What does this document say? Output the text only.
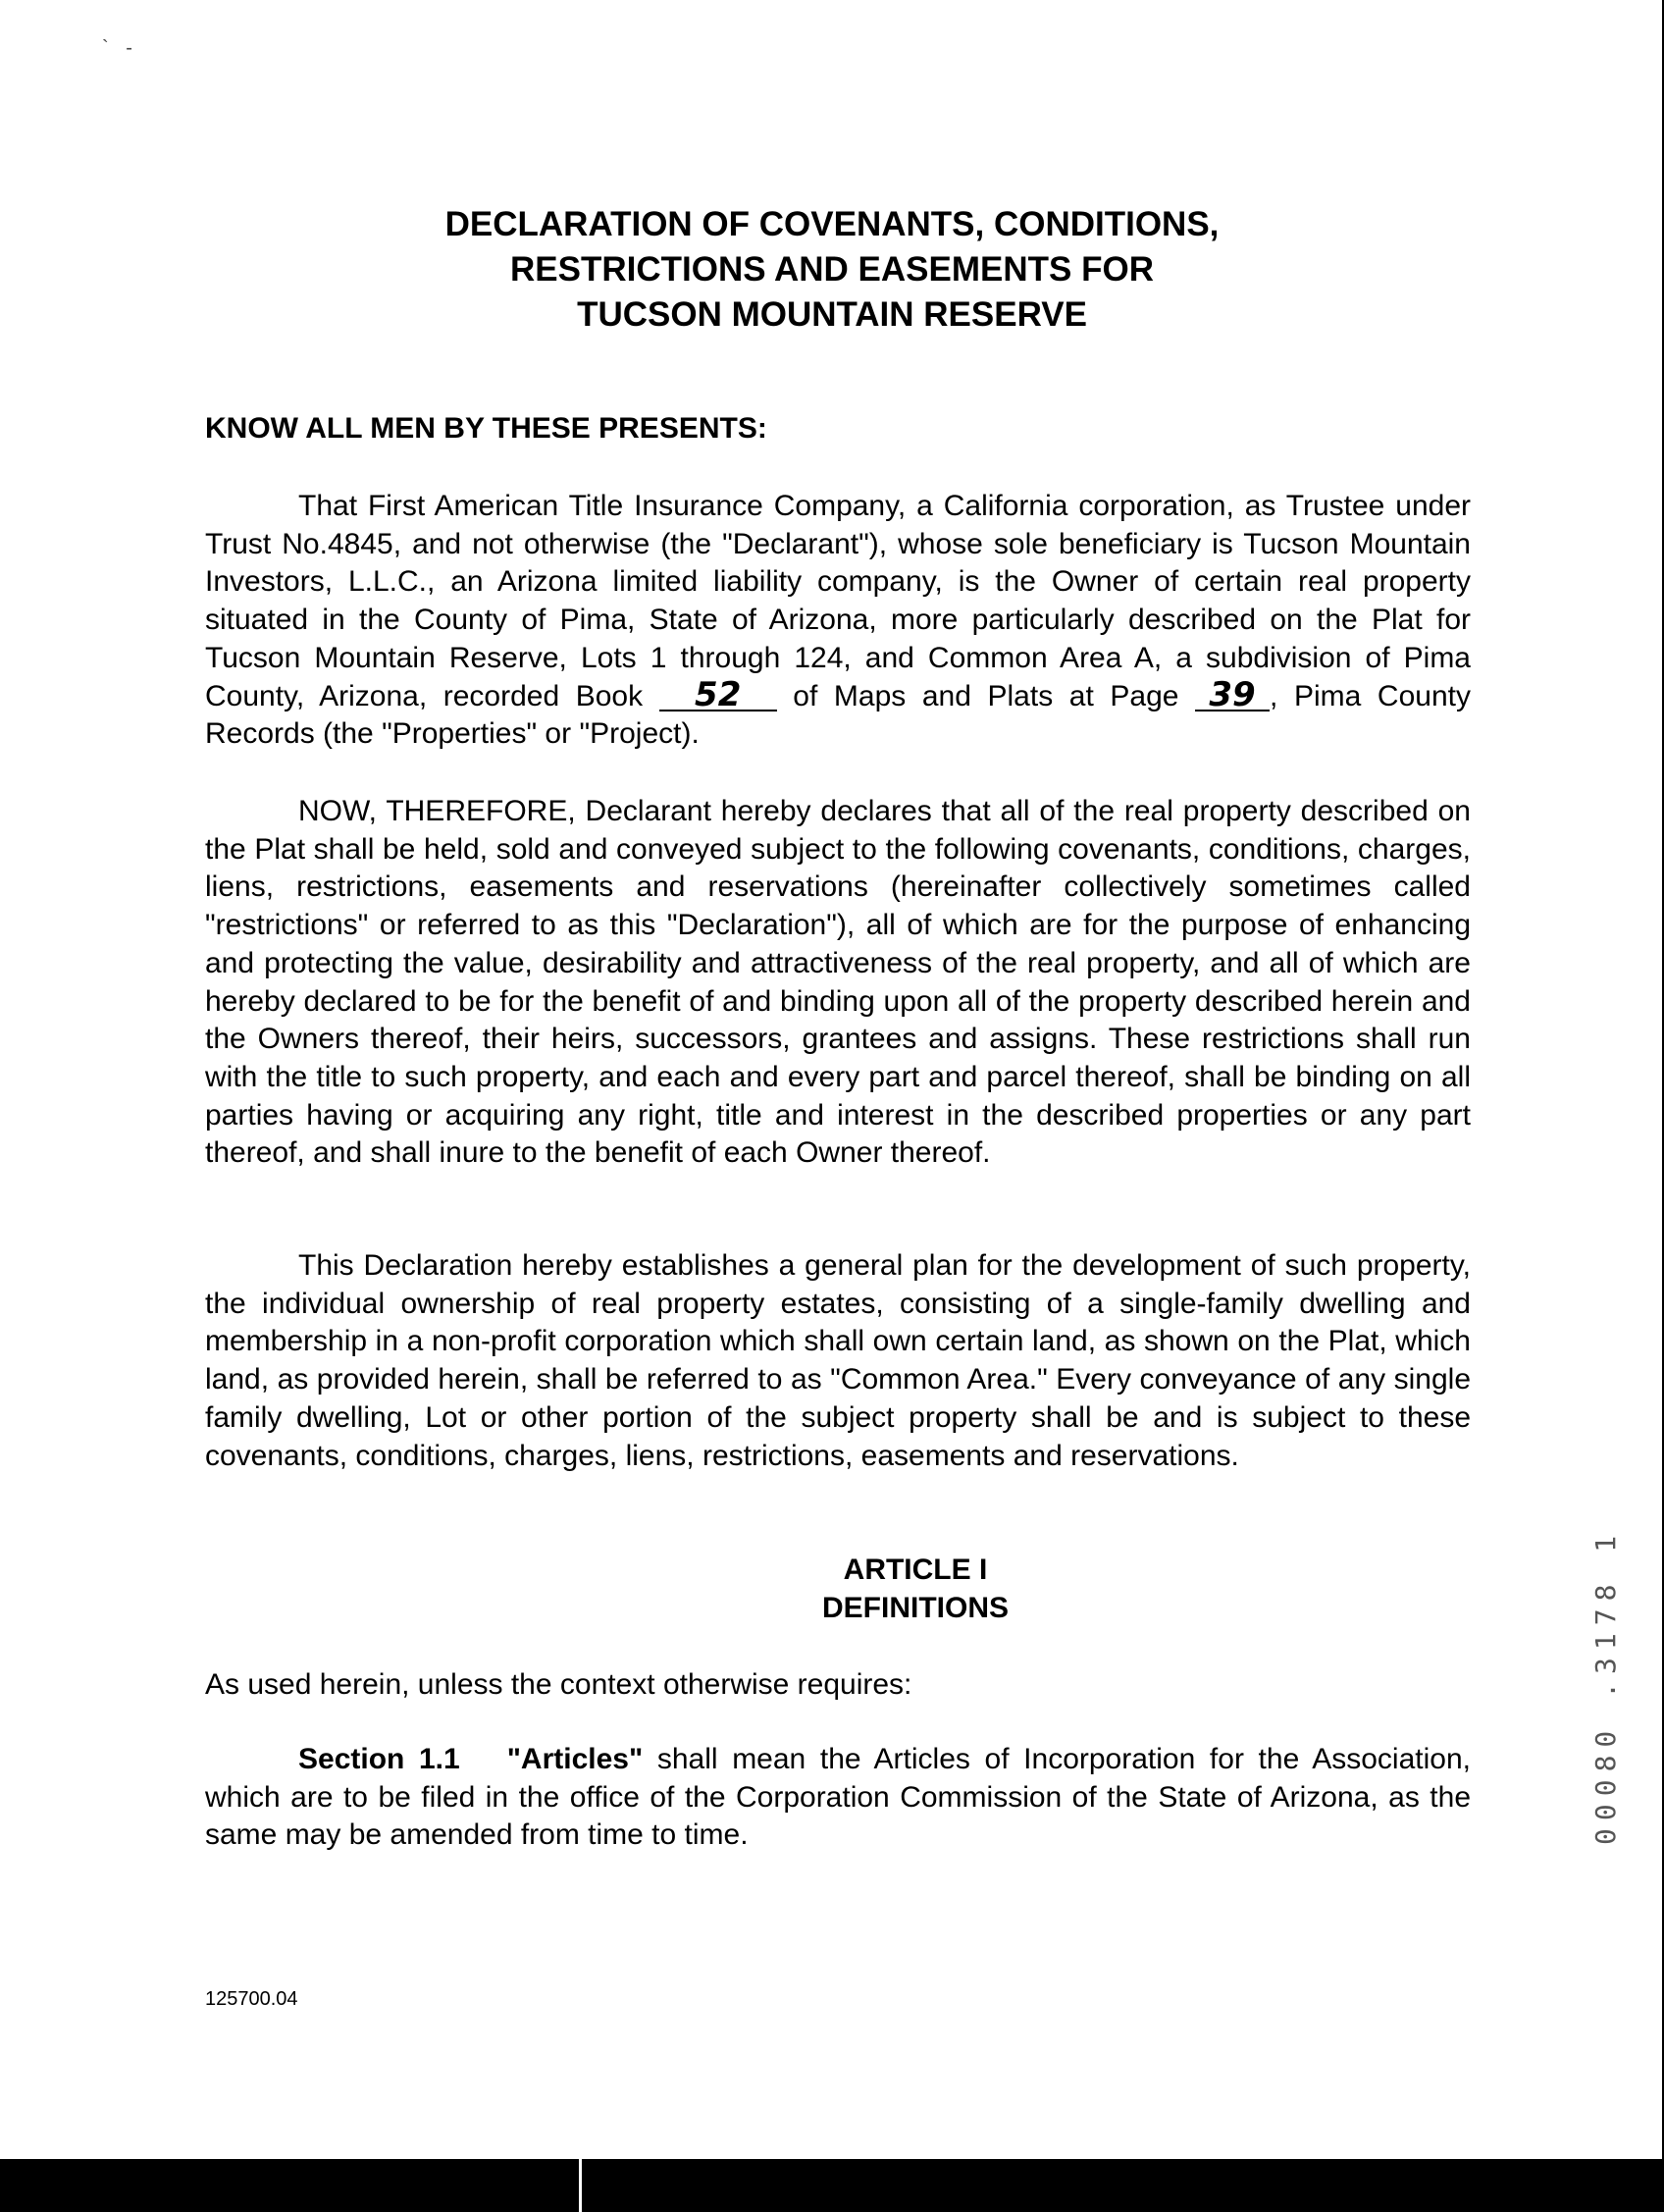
` -
DECLARATION OF COVENANTS, CONDITIONS,
RESTRICTIONS AND EASEMENTS FOR
TUCSON MOUNTAIN RESERVE
KNOW ALL MEN BY THESE PRESENTS:
That First American Title Insurance Company, a California corporation, as Trustee under Trust No.4845, and not otherwise (the "Declarant"), whose sole beneficiary is Tucson Mountain Investors, L.L.C., an Arizona limited liability company, is the Owner of certain real property situated in the County of Pima, State of Arizona, more particularly described on the Plat for Tucson Mountain Reserve, Lots 1 through 124, and Common Area A, a subdivision of Pima County, Arizona, recorded Book 52 of Maps and Plats at Page 39 , Pima County Records (the "Properties" or "Project).
NOW, THEREFORE, Declarant hereby declares that all of the real property described on the Plat shall be held, sold and conveyed subject to the following covenants, conditions, charges, liens, restrictions, easements and reservations (hereinafter collectively sometimes called "restrictions" or referred to as this "Declaration"), all of which are for the purpose of enhancing and protecting the value, desirability and attractiveness of the real property, and all of which are hereby declared to be for the benefit of and binding upon all of the property described herein and the Owners thereof, their heirs, successors, grantees and assigns. These restrictions shall run with the title to such property, and each and every part and parcel thereof, shall be binding on all parties having or acquiring any right, title and interest in the described properties or any part thereof, and shall inure to the benefit of each Owner thereof.
This Declaration hereby establishes a general plan for the development of such property, the individual ownership of real property estates, consisting of a single-family dwelling and membership in a non-profit corporation which shall own certain land, as shown on the Plat, which land, as provided herein, shall be referred to as "Common Area." Every conveyance of any single family dwelling, Lot or other portion of the subject property shall be and is subject to these covenants, conditions, charges, liens, restrictions, easements and reservations.
ARTICLE I
DEFINITIONS
As used herein, unless the context otherwise requires:
Section 1.1 "Articles" shall mean the Articles of Incorporation for the Association, which are to be filed in the office of the Corporation Commission of the State of Arizona, as the same may be amended from time to time.
125700.04
00080 .3178 1
